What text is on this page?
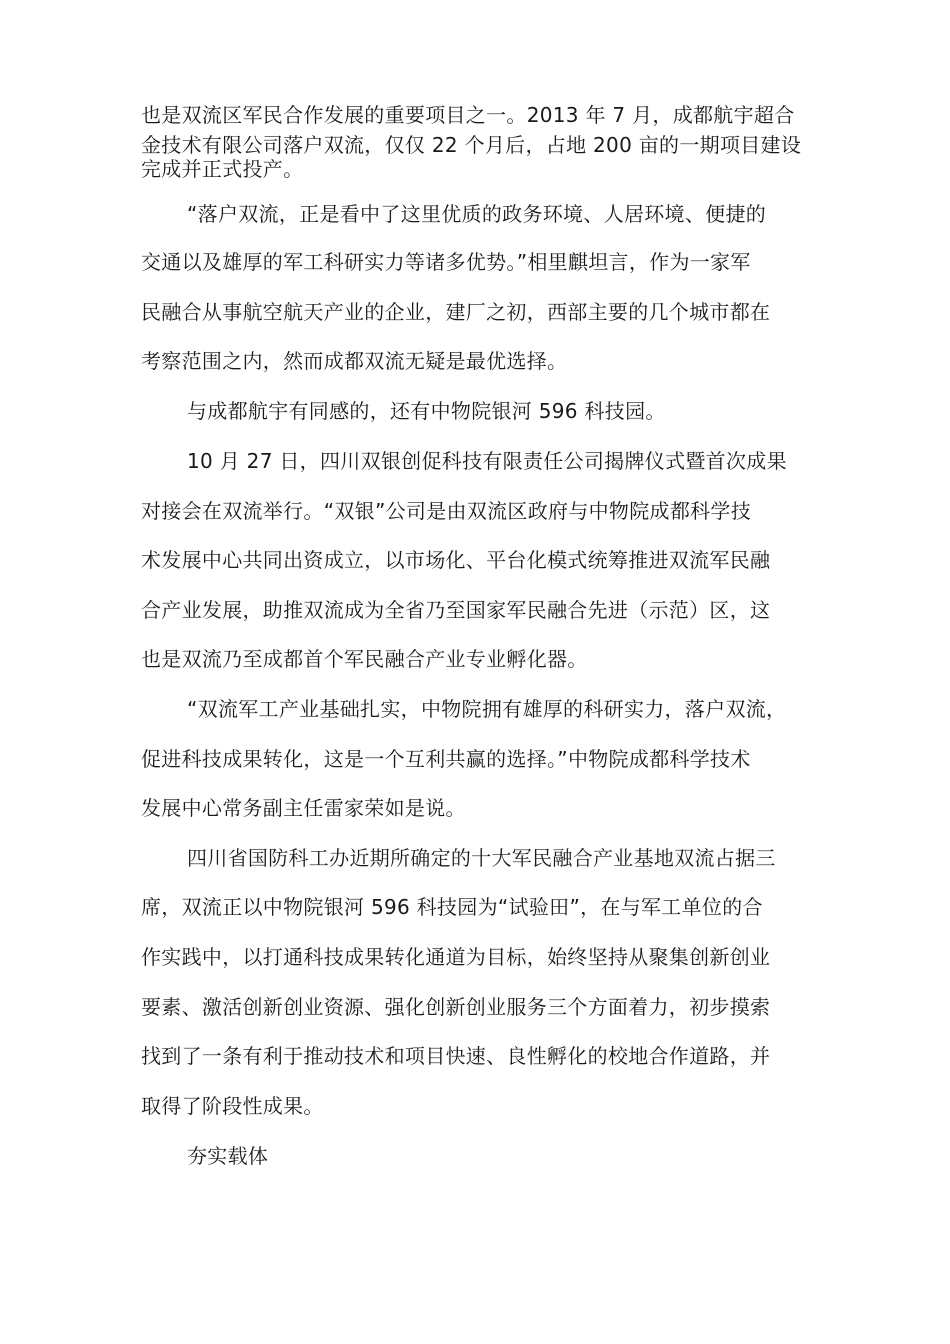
也是双流区军民合作发展的重要项目之一。2013 年 7 月，成都航宇超合
金技术有限公司落户双流，仅仅 22 个月后，占地 200 亩的一期项目建设
完成并正式投产。
“落户双流，正是看中了这里优质的政务环境、人居环境、便捷的
交通以及雄厚的军工科研实力等诸多优势。”相里麒坦言，作为一家军
民融合从事航空航天产业的企业，建厂之初，西部主要的几个城市都在
考察范围之内，然而成都双流无疑是最优选择。
与成都航宇有同感的，还有中物院银河 596 科技园。
10 月 27 日，四川双银创促科技有限责任公司揭牌仪式暨首次成果
对接会在双流举行。“双银”公司是由双流区政府与中物院成都科学技
术发展中心共同出资成立，以市场化、平台化模式统筹推进双流军民融
合产业发展，助推双流成为全省乃至国家军民融合先进（示范）区，这
也是双流乃至成都首个军民融合产业专业孵化器。
“双流军工产业基础扎实，中物院拥有雄厚的科研实力，落户双流，
促进科技成果转化，这是一个互利共赢的选择。”中物院成都科学技术
发展中心常务副主任雷家荣如是说。
四川省国防科工办近期所确定的十大军民融合产业基地双流占据三
席，双流正以中物院银河 596 科技园为“试验田”，在与军工单位的合
作实践中，以打通科技成果转化通道为目标，始终坚持从聚集创新创业
要素、激活创新创业资源、强化创新创业服务三个方面着力，初步摸索
找到了一条有利于推动技术和项目快速、良性孵化的校地合作道路，并
取得了阶段性成果。
夯实载体
